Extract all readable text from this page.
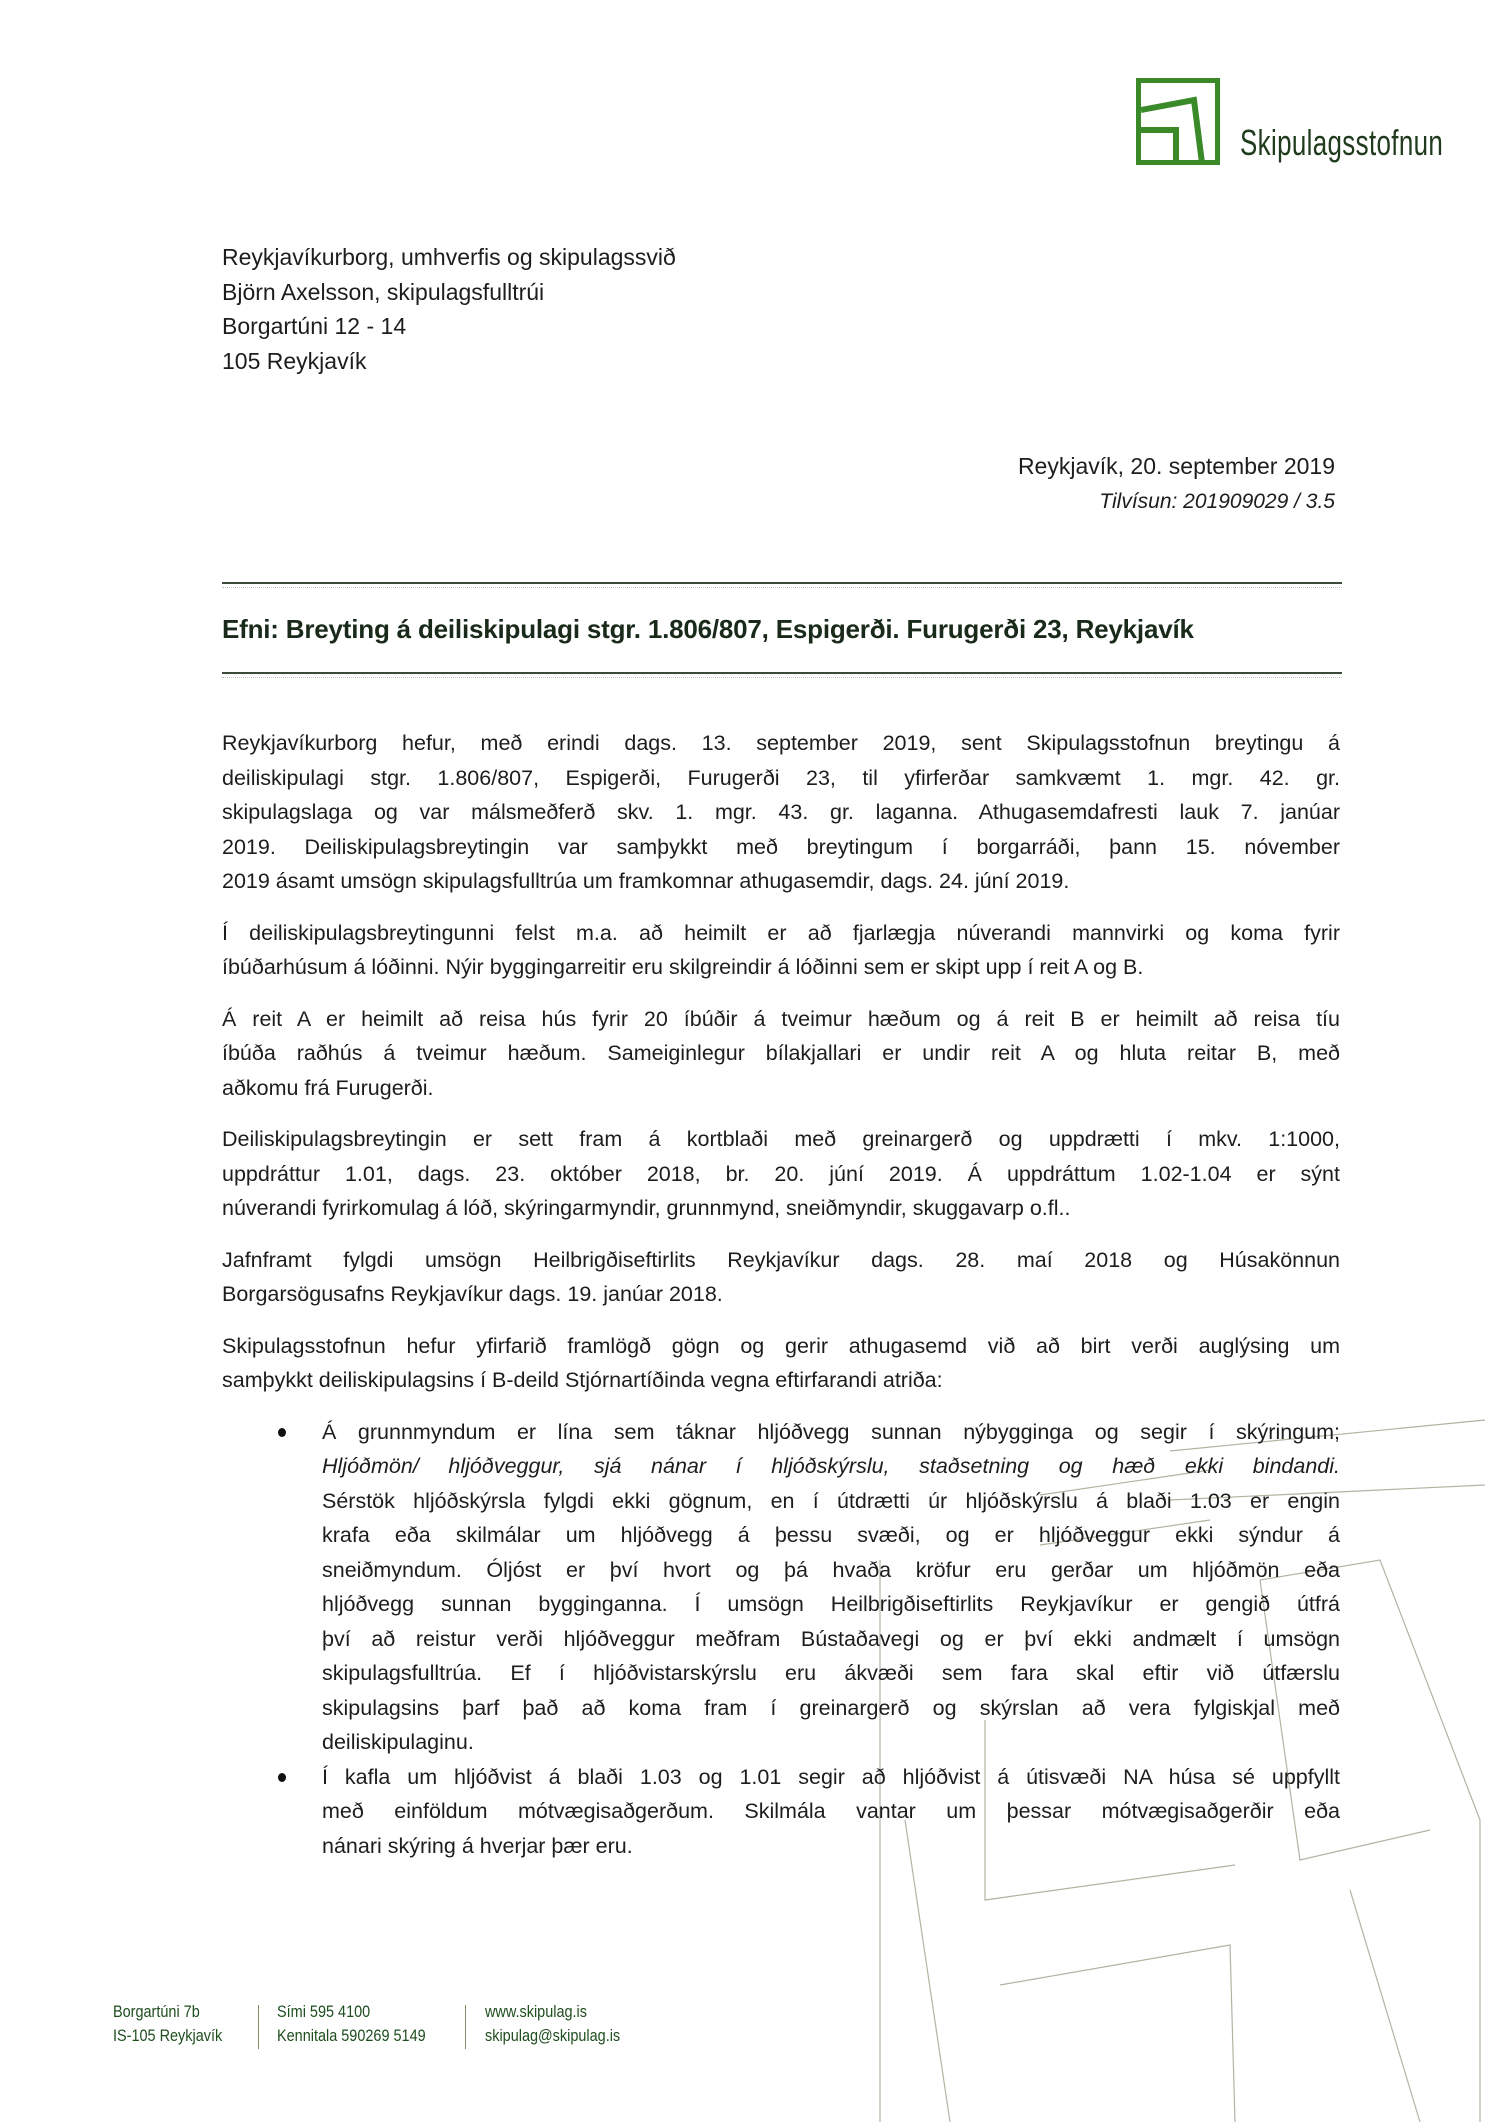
Skipulagsstofnun
Reykjavíkurborg, umhverfis og skipulagssvið
Björn Axelsson, skipulagsfulltrúi
Borgartúni 12 - 14
105 Reykjavík
Reykjavík, 20. september 2019
Tilvísun: 201909029 / 3.5
Efni: Breyting á deiliskipulagi stgr. 1.806/807, Espigerði. Furugerði 23, Reykjavík
Reykjavíkurborg hefur, með erindi dags. 13. september 2019, sent Skipulagsstofnun breytingu á
deiliskipulagi stgr. 1.806/807, Espigerði, Furugerði 23, til yfirferðar samkvæmt 1. mgr. 42. gr.
skipulagslaga og var málsmeðferð skv. 1. mgr. 43. gr. laganna. Athugasemdafresti lauk 7. janúar
2019. Deiliskipulagsbreytingin var samþykkt með breytingum í borgarráði, þann 15. nóvember
2019 ásamt umsögn skipulagsfulltrúa um framkomnar athugasemdir, dags. 24. júní 2019.
Í deiliskipulagsbreytingunni felst m.a. að heimilt er að fjarlægja núverandi mannvirki og koma fyrir
íbúðarhúsum á lóðinni. Nýir byggingarreitir eru skilgreindir á lóðinni sem er skipt upp í reit A og B.
Á reit A er heimilt að reisa hús fyrir 20 íbúðir á tveimur hæðum og á reit B er heimilt að reisa tíu
íbúða raðhús á tveimur hæðum. Sameiginlegur bílakjallari er undir reit A og hluta reitar B, með
aðkomu frá Furugerði.
Deiliskipulagsbreytingin er sett fram á kortblaði með greinargerð og uppdrætti í mkv. 1:1000,
uppdráttur 1.01, dags. 23. október 2018, br. 20. júní 2019. Á uppdráttum 1.02-1.04 er sýnt
núverandi fyrirkomulag á lóð, skýringarmyndir, grunnmynd, sneiðmyndir, skuggavarp o.fl..
Jafnframt fylgdi umsögn Heilbrigðiseftirlits Reykjavíkur dags. 28. maí 2018 og Húsakönnun
Borgarsögusafns Reykjavíkur dags. 19. janúar 2018.
Skipulagsstofnun hefur yfirfarið framlögð gögn og gerir athugasemd við að birt verði auglýsing um
samþykkt deiliskipulagsins í B-deild Stjórnartíðinda vegna eftirfarandi atriða:
Á grunnmyndum er lína sem táknar hljóðvegg sunnan nýbygginga og segir í skýringum;
Hljóðmön/ hljóðveggur, sjá nánar í hljóðskýrslu, staðsetning og hæð ekki bindandi.
Sérstök hljóðskýrsla fylgdi ekki gögnum, en í útdrætti úr hljóðskýrslu á blaði 1.03 er engin
krafa eða skilmálar um hljóðvegg á þessu svæði, og er hljóðveggur ekki sýndur á
sneiðmyndum. Óljóst er því hvort og þá hvaða kröfur eru gerðar um hljóðmön eða
hljóðvegg sunnan bygginganna. Í umsögn Heilbrigðiseftirlits Reykjavíkur er gengið útfrá
því að reistur verði hljóðveggur meðfram Bústaðavegi og er því ekki andmælt í umsögn
skipulagsfulltrúa. Ef í hljóðvistarskýrslu eru ákvæði sem fara skal eftir við útfærslu
skipulagsins þarf það að koma fram í greinargerð og skýrslan að vera fylgiskjal með
deiliskipulaginu.
Í kafla um hljóðvist á blaði 1.03 og 1.01 segir að hljóðvist á útisvæði NA húsa sé uppfyllt
með einföldum mótvægisaðgerðum. Skilmála vantar um þessar mótvægisaðgerðir eða
nánari skýring á hverjar þær eru.
Borgartúni 7b
IS-105 Reykjavík
Sími 595 4100
Kennitala 590269 5149
www.skipulag.is
skipulag@skipulag.is
